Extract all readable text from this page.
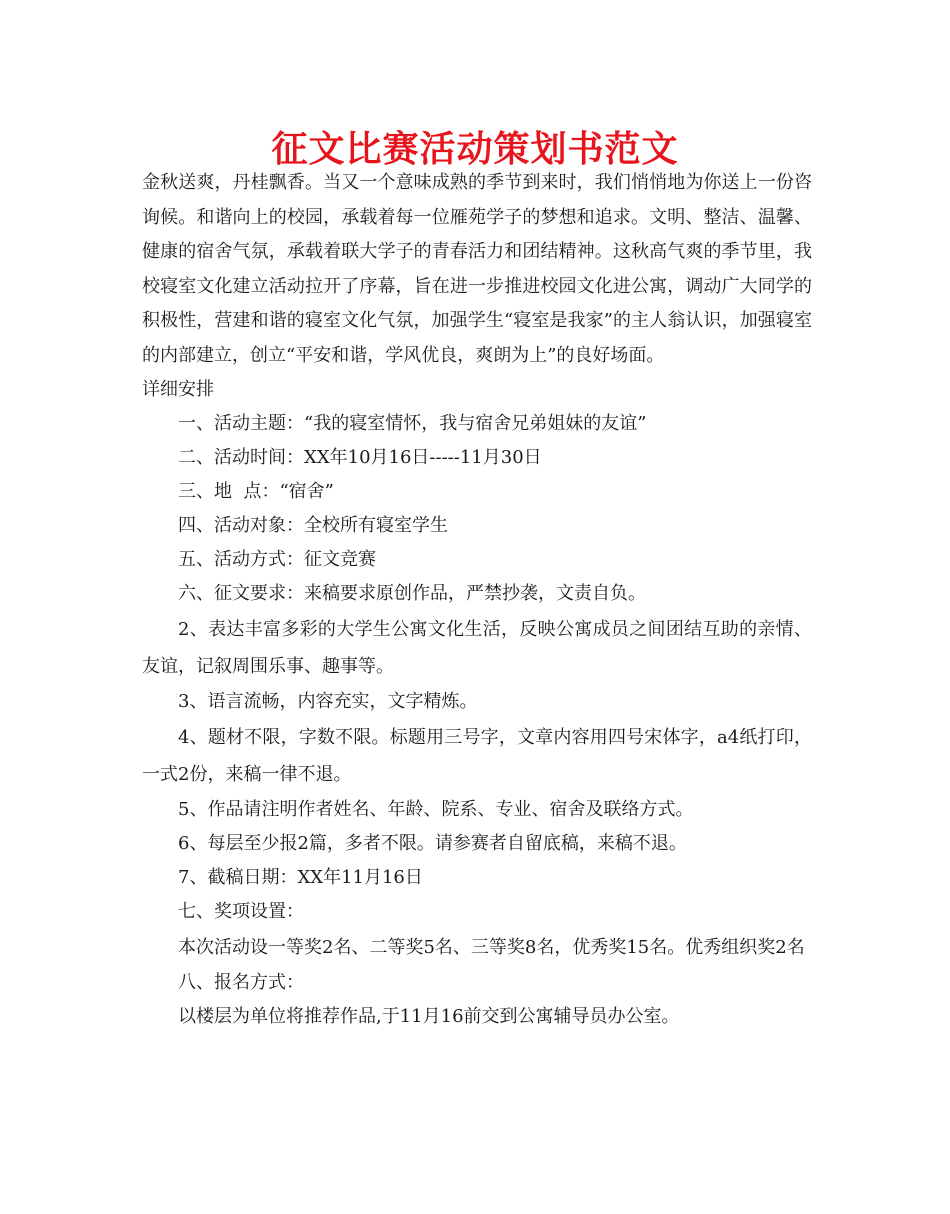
征文比赛活动策划书范文

金秋送爽，丹桂飘香。当又一个意味成熟的季节到来时，我们悄悄地为你送上一份咨询候。和谐向上的校园，承载着每一位雁苑学子的梦想和追求。文明、整洁、温馨、健康的宿舍气氛，承载着联大学子的青春活力和团结精神。这秋高气爽的季节里，我校寝室文化建立活动拉开了序幕，旨在进一步推进校园文化进公寓，调动广大同学的积极性，营建和谐的寝室文化气氛，加强学生“寝室是我家”的主人翁认识，加强寝室的内部建立，创立“平安和谐，学风优良，爽朗为上”的良好场面。

详细安排

一、活动主题：“我的寝室情怀，我与宿舍兄弟姐妹的友谊”

二、活动时间：XX年10月16日-----11月30日

三、地  点：“宿舍”

四、活动对象：全校所有寝室学生

五、活动方式：征文竞赛

六、征文要求：来稿要求原创作品，严禁抄袭，文责自负。

2、表达丰富多彩的大学生公寓文化生活，反映公寓成员之间团结互助的亲情、友谊，记叙周围乐事、趣事等。

3、语言流畅，内容充实，文字精炼。

4、题材不限，字数不限。标题用三号字，文章内容用四号宋体字，a4纸打印，一式2份，来稿一律不退。

5、作品请注明作者姓名、年龄、院系、专业、宿舍及联络方式。

6、每层至少报2篇，多者不限。请参赛者自留底稿，来稿不退。

7、截稿日期：XX年11月16日

七、奖项设置：

本次活动设一等奖2名、二等奖5名、三等奖8名，优秀奖15名。优秀组织奖2名

八、报名方式：

以楼层为单位将推荐作品,于11月16前交到公寓辅导员办公室。
